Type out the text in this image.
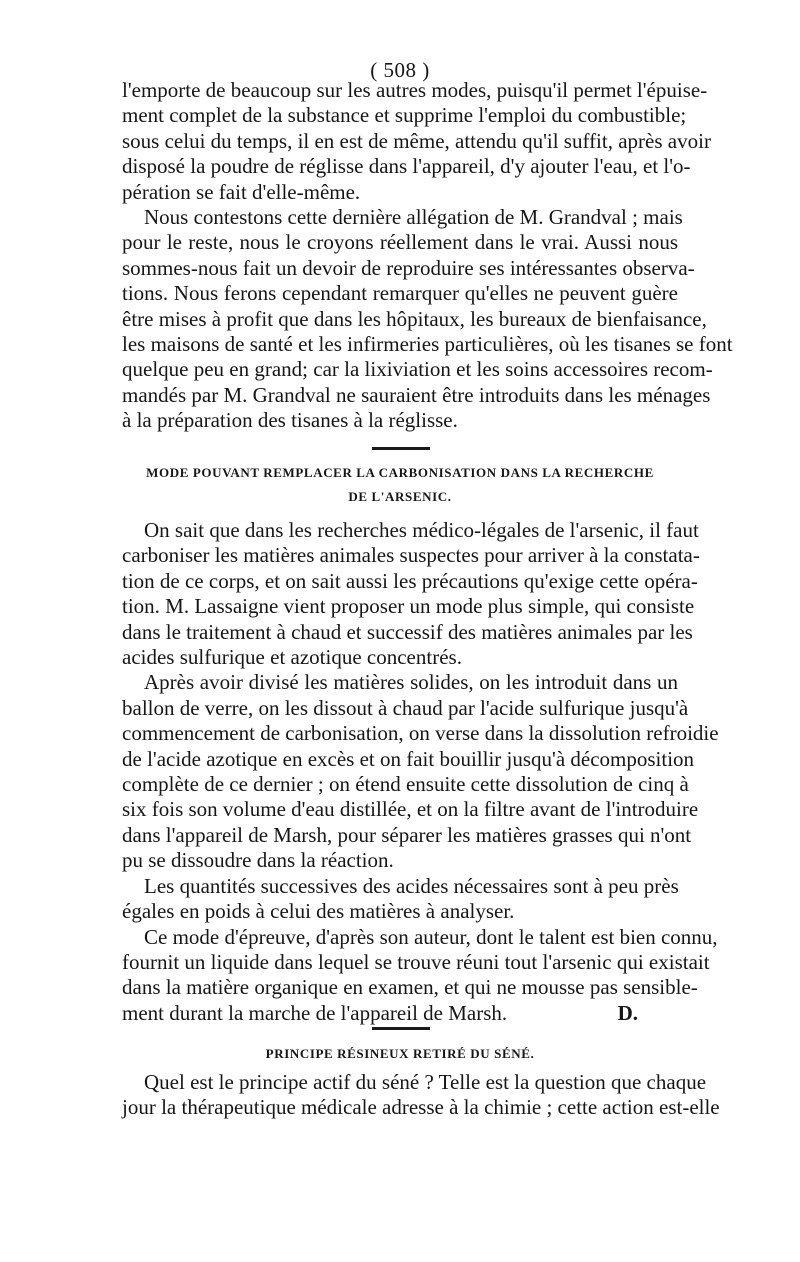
( 508 )
l'emporte de beaucoup sur les autres modes, puisqu'il permet l'épuise-
ment complet de la substance et supprime l'emploi du combustible;
sous celui du temps, il en est de même, attendu qu'il suffit, après avoir
disposé la poudre de réglisse dans l'appareil, d'y ajouter l'eau, et l'o-
pération se fait d'elle-même.
Nous contestons cette dernière allégation de M. Grandval ; mais
pour le reste, nous le croyons réellement dans le vrai. Aussi nous
sommes-nous fait un devoir de reproduire ses intéressantes observa-
tions. Nous ferons cependant remarquer qu'elles ne peuvent guère
être mises à profit que dans les hôpitaux, les bureaux de bienfaisance,
les maisons de santé et les infirmeries particulières, où les tisanes se font
quelque peu en grand; car la lixiviation et les soins accessoires recom-
mandés par M. Grandval ne sauraient être introduits dans les ménages
à la préparation des tisanes à la réglisse.
MODE POUVANT REMPLACER LA CARBONISATION DANS LA RECHERCHE
DE L'ARSENIC.
On sait que dans les recherches médico-légales de l'arsenic, il faut
carboniser les matières animales suspectes pour arriver à la constata-
tion de ce corps, et on sait aussi les précautions qu'exige cette opéra-
tion. M. Lassaigne vient proposer un mode plus simple, qui consiste
dans le traitement à chaud et successif des matières animales par les
acides sulfurique et azotique concentrés.
Après avoir divisé les matières solides, on les introduit dans un
ballon de verre, on les dissout à chaud par l'acide sulfurique jusqu'à
commencement de carbonisation, on verse dans la dissolution refroidie
de l'acide azotique en excès et on fait bouillir jusqu'à décomposition
complète de ce dernier ; on étend ensuite cette dissolution de cinq à
six fois son volume d'eau distillée, et on la filtre avant de l'introduire
dans l'appareil de Marsh, pour séparer les matières grasses qui n'ont
pu se dissoudre dans la réaction.
Les quantités successives des acides nécessaires sont à peu près
égales en poids à celui des matières à analyser.
Ce mode d'épreuve, d'après son auteur, dont le talent est bien connu,
fournit un liquide dans lequel se trouve réuni tout l'arsenic qui existait
dans la matière organique en examen, et qui ne mousse pas sensible-
ment durant la marche de l'appareil de Marsh.	D.
PRINCIPE RÉSINEUX RETIRÉ DU SÉNÉ.
Quel est le principe actif du séné ? Telle est la question que chaque
jour la thérapeutique médicale adresse à la chimie ; cette action est-elle
